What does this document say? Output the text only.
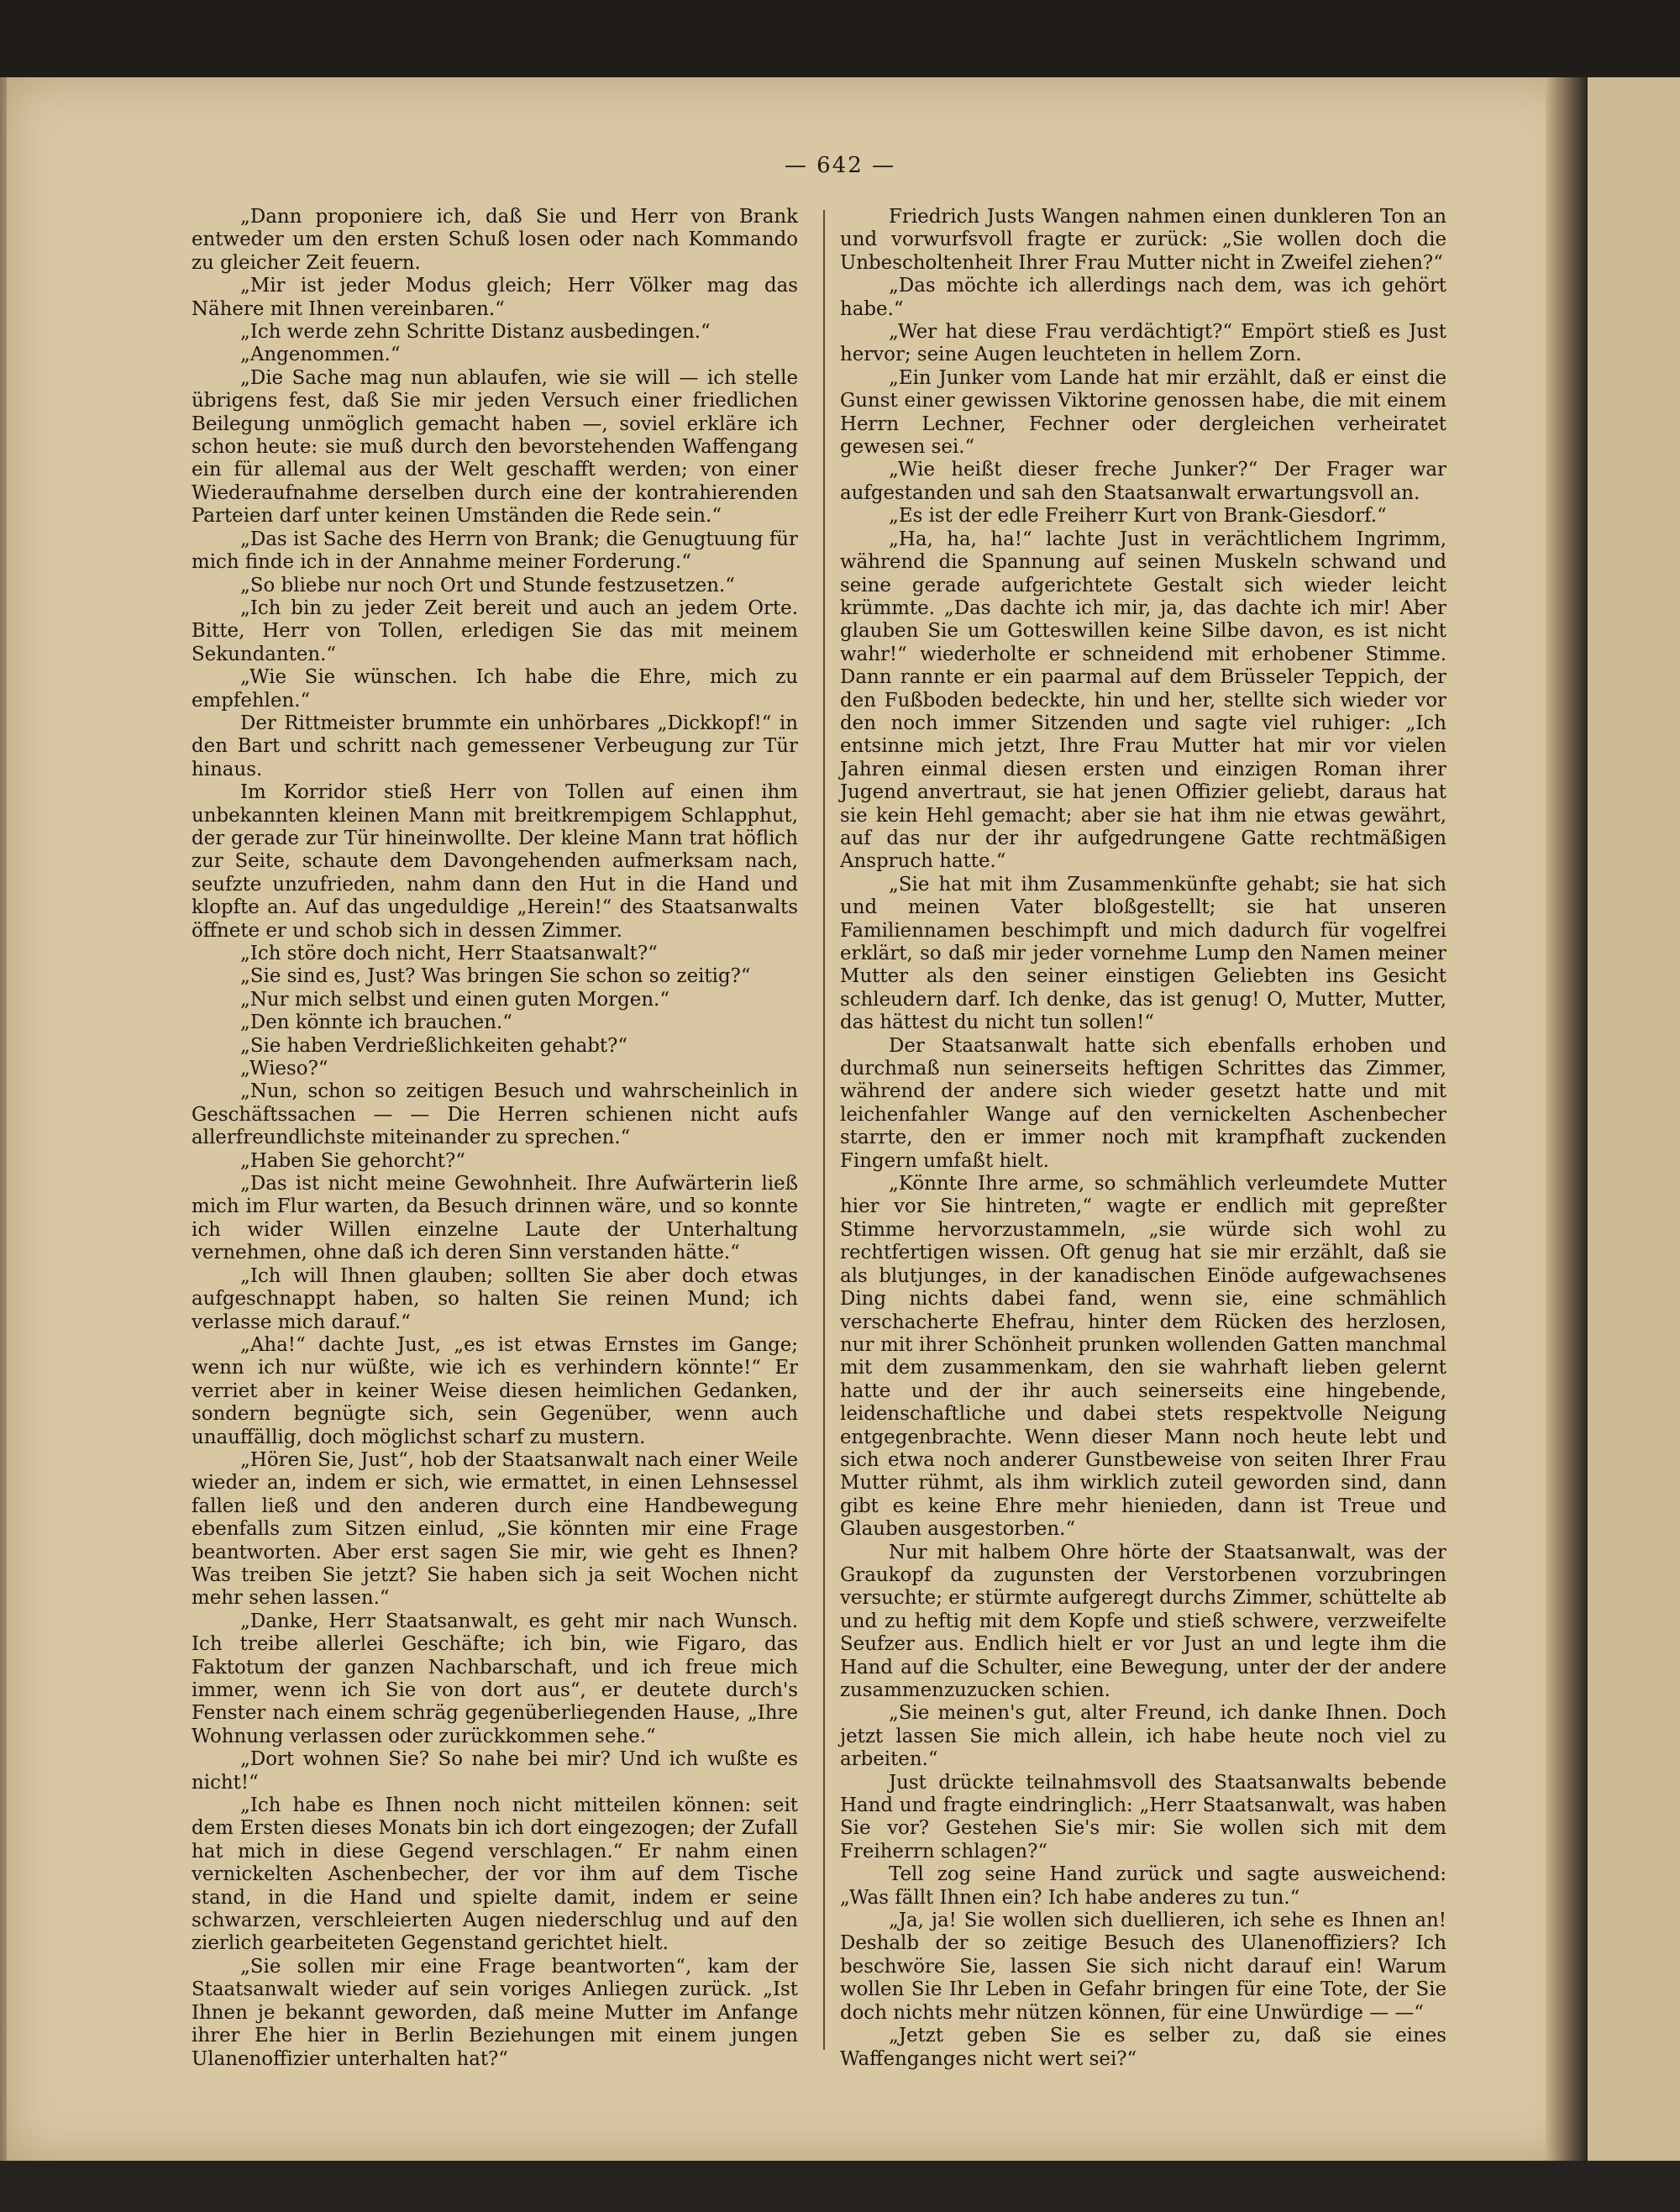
— 642 —

„Dann proponiere ich, daß Sie und Herr von Brank entweder um den ersten Schuß losen oder nach Kommando zu gleicher Zeit feuern.

„Mir ist jeder Modus gleich; Herr Völker mag das Nähere mit Ihnen vereinbaren.“

„Ich werde zehn Schritte Distanz ausbedingen.“

„Angenommen.“

„Die Sache mag nun ablaufen, wie sie will — ich stelle übrigens fest, daß Sie mir jeden Versuch einer friedlichen Beilegung unmöglich gemacht haben —, soviel erkläre ich schon heute: sie muß durch den bevorstehenden Waffengang ein für allemal aus der Welt geschafft werden; von einer Wiederaufnahme derselben durch eine der kontrahierenden Parteien darf unter keinen Umständen die Rede sein.“

„Das ist Sache des Herrn von Brank; die Genugtuung für mich finde ich in der Annahme meiner Forderung.“

„So bliebe nur noch Ort und Stunde festzusetzen.“

„Ich bin zu jeder Zeit bereit und auch an jedem Orte. Bitte, Herr von Tollen, erledigen Sie das mit meinem Sekundanten.“

„Wie Sie wünschen. Ich habe die Ehre, mich zu empfehlen.“

Der Rittmeister brummte ein unhörbares „Dickkopf!“ in den Bart und schritt nach gemessener Verbeugung zur Tür hinaus.

Im Korridor stieß Herr von Tollen auf einen ihm unbekannten kleinen Mann mit breitkrempigem Schlapphut, der gerade zur Tür hineinwollte. Der kleine Mann trat höflich zur Seite, schaute dem Davongehenden aufmerksam nach, seufzte unzufrieden, nahm dann den Hut in die Hand und klopfte an. Auf das ungeduldige „Herein!“ des Staatsanwalts öffnete er und schob sich in dessen Zimmer.

„Ich störe doch nicht, Herr Staatsanwalt?“

„Sie sind es, Just? Was bringen Sie schon so zeitig?“

„Nur mich selbst und einen guten Morgen.“

„Den könnte ich brauchen.“

„Sie haben Verdrießlichkeiten gehabt?“

„Wieso?“

„Nun, schon so zeitigen Besuch und wahrscheinlich in Geschäftssachen — — Die Herren schienen nicht aufs allerfreundlichste miteinander zu sprechen.“

„Haben Sie gehorcht?“

„Das ist nicht meine Gewohnheit. Ihre Aufwärterin ließ mich im Flur warten, da Besuch drinnen wäre, und so konnte ich wider Willen einzelne Laute der Unterhaltung vernehmen, ohne daß ich deren Sinn verstanden hätte.“

„Ich will Ihnen glauben; sollten Sie aber doch etwas aufgeschnappt haben, so halten Sie reinen Mund; ich verlasse mich darauf.“

„Aha!“ dachte Just, „es ist etwas Ernstes im Gange; wenn ich nur wüßte, wie ich es verhindern könnte!“ Er verriet aber in keiner Weise diesen heimlichen Gedanken, sondern begnügte sich, sein Gegenüber, wenn auch unauffällig, doch möglichst scharf zu mustern.

„Hören Sie, Just“, hob der Staatsanwalt nach einer Weile wieder an, indem er sich, wie ermattet, in einen Lehnsessel fallen ließ und den anderen durch eine Handbewegung ebenfalls zum Sitzen einlud, „Sie könnten mir eine Frage beantworten. Aber erst sagen Sie mir, wie geht es Ihnen? Was treiben Sie jetzt? Sie haben sich ja seit Wochen nicht mehr sehen lassen.“

„Danke, Herr Staatsanwalt, es geht mir nach Wunsch. Ich treibe allerlei Geschäfte; ich bin, wie Figaro, das Faktotum der ganzen Nachbarschaft, und ich freue mich immer, wenn ich Sie von dort aus“, er deutete durch's Fenster nach einem schräg gegenüberliegenden Hause, „Ihre Wohnung verlassen oder zurückkommen sehe.“

„Dort wohnen Sie? So nahe bei mir? Und ich wußte es nicht!“

„Ich habe es Ihnen noch nicht mitteilen können: seit dem Ersten dieses Monats bin ich dort eingezogen; der Zufall hat mich in diese Gegend verschlagen.“ Er nahm einen vernickelten Aschenbecher, der vor ihm auf dem Tische stand, in die Hand und spielte damit, indem er seine schwarzen, verschleierten Augen niederschlug und auf den zierlich gearbeiteten Gegenstand gerichtet hielt.

„Sie sollen mir eine Frage beantworten“, kam der Staatsanwalt wieder auf sein voriges Anliegen zurück. „Ist Ihnen je bekannt geworden, daß meine Mutter im Anfange ihrer Ehe hier in Berlin Beziehungen mit einem jungen Ulanenoffizier unterhalten hat?“

Friedrich Justs Wangen nahmen einen dunkleren Ton an und vorwurfsvoll fragte er zurück: „Sie wollen doch die Unbescholtenheit Ihrer Frau Mutter nicht in Zweifel ziehen?“

„Das möchte ich allerdings nach dem, was ich gehört habe.“

„Wer hat diese Frau verdächtigt?“ Empört stieß es Just hervor; seine Augen leuchteten in hellem Zorn.

„Ein Junker vom Lande hat mir erzählt, daß er einst die Gunst einer gewissen Viktorine genossen habe, die mit einem Herrn Lechner, Fechner oder dergleichen verheiratet gewesen sei.“

„Wie heißt dieser freche Junker?“ Der Frager war aufgestanden und sah den Staatsanwalt erwartungsvoll an.

„Es ist der edle Freiherr Kurt von Brank-Giesdorf.“

„Ha, ha, ha!“ lachte Just in verächtlichem Ingrimm, während die Spannung auf seinen Muskeln schwand und seine gerade aufgerichtete Gestalt sich wieder leicht krümmte. „Das dachte ich mir, ja, das dachte ich mir! Aber glauben Sie um Gotteswillen keine Silbe davon, es ist nicht wahr!“ wiederholte er schneidend mit erhobener Stimme. Dann rannte er ein paarmal auf dem Brüsseler Teppich, der den Fußboden bedeckte, hin und her, stellte sich wieder vor den noch immer Sitzenden und sagte viel ruhiger: „Ich entsinne mich jetzt, Ihre Frau Mutter hat mir vor vielen Jahren einmal diesen ersten und einzigen Roman ihrer Jugend anvertraut, sie hat jenen Offizier geliebt, daraus hat sie kein Hehl gemacht; aber sie hat ihm nie etwas gewährt, auf das nur der ihr aufgedrungene Gatte rechtmäßigen Anspruch hatte.“

„Sie hat mit ihm Zusammenkünfte gehabt; sie hat sich und meinen Vater bloßgestellt; sie hat unseren Familiennamen beschimpft und mich dadurch für vogelfrei erklärt, so daß mir jeder vornehme Lump den Namen meiner Mutter als den seiner einstigen Geliebten ins Gesicht schleudern darf. Ich denke, das ist genug! O, Mutter, Mutter, das hättest du nicht tun sollen!“

Der Staatsanwalt hatte sich ebenfalls erhoben und durchmaß nun seinerseits heftigen Schrittes das Zimmer, während der andere sich wieder gesetzt hatte und mit leichenfahler Wange auf den vernickelten Aschenbecher starrte, den er immer noch mit krampfhaft zuckenden Fingern umfaßt hielt.

„Könnte Ihre arme, so schmählich verleumdete Mutter hier vor Sie hintreten,“ wagte er endlich mit gepreßter Stimme hervorzustammeln, „sie würde sich wohl zu rechtfertigen wissen. Oft genug hat sie mir erzählt, daß sie als blutjunges, in der kanadischen Einöde aufgewachsenes Ding nichts dabei fand, wenn sie, eine schmählich verschacherte Ehefrau, hinter dem Rücken des herzlosen, nur mit ihrer Schönheit prunken wollenden Gatten manchmal mit dem zusammenkam, den sie wahrhaft lieben gelernt hatte und der ihr auch seinerseits eine hingebende, leidenschaftliche und dabei stets respektvolle Neigung entgegenbrachte. Wenn dieser Mann noch heute lebt und sich etwa noch anderer Gunstbeweise von seiten Ihrer Frau Mutter rühmt, als ihm wirklich zuteil geworden sind, dann gibt es keine Ehre mehr hienieden, dann ist Treue und Glauben ausgestorben.“

Nur mit halbem Ohre hörte der Staatsanwalt, was der Graukopf da zugunsten der Verstorbenen vorzubringen versuchte; er stürmte aufgeregt durchs Zimmer, schüttelte ab und zu heftig mit dem Kopfe und stieß schwere, verzweifelte Seufzer aus. Endlich hielt er vor Just an und legte ihm die Hand auf die Schulter, eine Bewegung, unter der der andere zusammenzuzucken schien.

„Sie meinen's gut, alter Freund, ich danke Ihnen. Doch jetzt lassen Sie mich allein, ich habe heute noch viel zu arbeiten.“

Just drückte teilnahmsvoll des Staatsanwalts bebende Hand und fragte eindringlich: „Herr Staatsanwalt, was haben Sie vor? Gestehen Sie's mir: Sie wollen sich mit dem Freiherrn schlagen?“

Tell zog seine Hand zurück und sagte ausweichend: „Was fällt Ihnen ein? Ich habe anderes zu tun.“

„Ja, ja! Sie wollen sich duellieren, ich sehe es Ihnen an! Deshalb der so zeitige Besuch des Ulanenoffiziers? Ich beschwöre Sie, lassen Sie sich nicht darauf ein! Warum wollen Sie Ihr Leben in Gefahr bringen für eine Tote, der Sie doch nichts mehr nützen können, für eine Unwürdige — —“

„Jetzt geben Sie es selber zu, daß sie eines Waffenganges nicht wert sei?“
